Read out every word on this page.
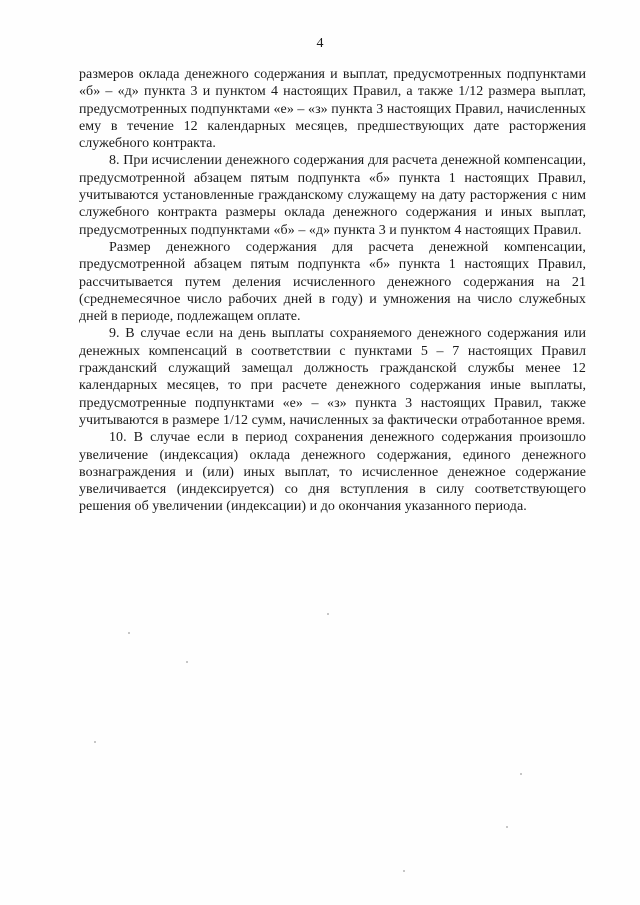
4

размеров оклада денежного содержания и выплат, предусмотренных подпунктами «б» – «д» пункта 3 и пунктом 4 настоящих Правил, а также 1/12 размера выплат, предусмотренных подпунктами «е» – «з» пункта 3 настоящих Правил, начисленных ему в течение 12 календарных месяцев, предшествующих дате расторжения служебного контракта.

8. При исчислении денежного содержания для расчета денежной компенсации, предусмотренной абзацем пятым подпункта «б» пункта 1 настоящих Правил, учитываются установленные гражданскому служащему на дату расторжения с ним служебного контракта размеры оклада денежного содержания и иных выплат, предусмотренных подпунктами «б» – «д» пункта 3 и пунктом 4 настоящих Правил.

Размер денежного содержания для расчета денежной компенсации, предусмотренной абзацем пятым подпункта «б» пункта 1 настоящих Правил, рассчитывается путем деления исчисленного денежного содержания на 21 (среднемесячное число рабочих дней в году) и умножения на число служебных дней в периоде, подлежащем оплате.

9. В случае если на день выплаты сохраняемого денежного содержания или денежных компенсаций в соответствии с пунктами 5 – 7 настоящих Правил гражданский служащий замещал должность гражданской службы менее 12 календарных месяцев, то при расчете денежного содержания иные выплаты, предусмотренные подпунктами «е» – «з» пункта 3 настоящих Правил, также учитываются в размере 1/12 сумм, начисленных за фактически отработанное время.

10. В случае если в период сохранения денежного содержания произошло увеличение (индексация) оклада денежного содержания, единого денежного вознаграждения и (или) иных выплат, то исчисленное денежное содержание увеличивается (индексируется) со дня вступления в силу соответствующего решения об увеличении (индексации) и до окончания указанного периода.
